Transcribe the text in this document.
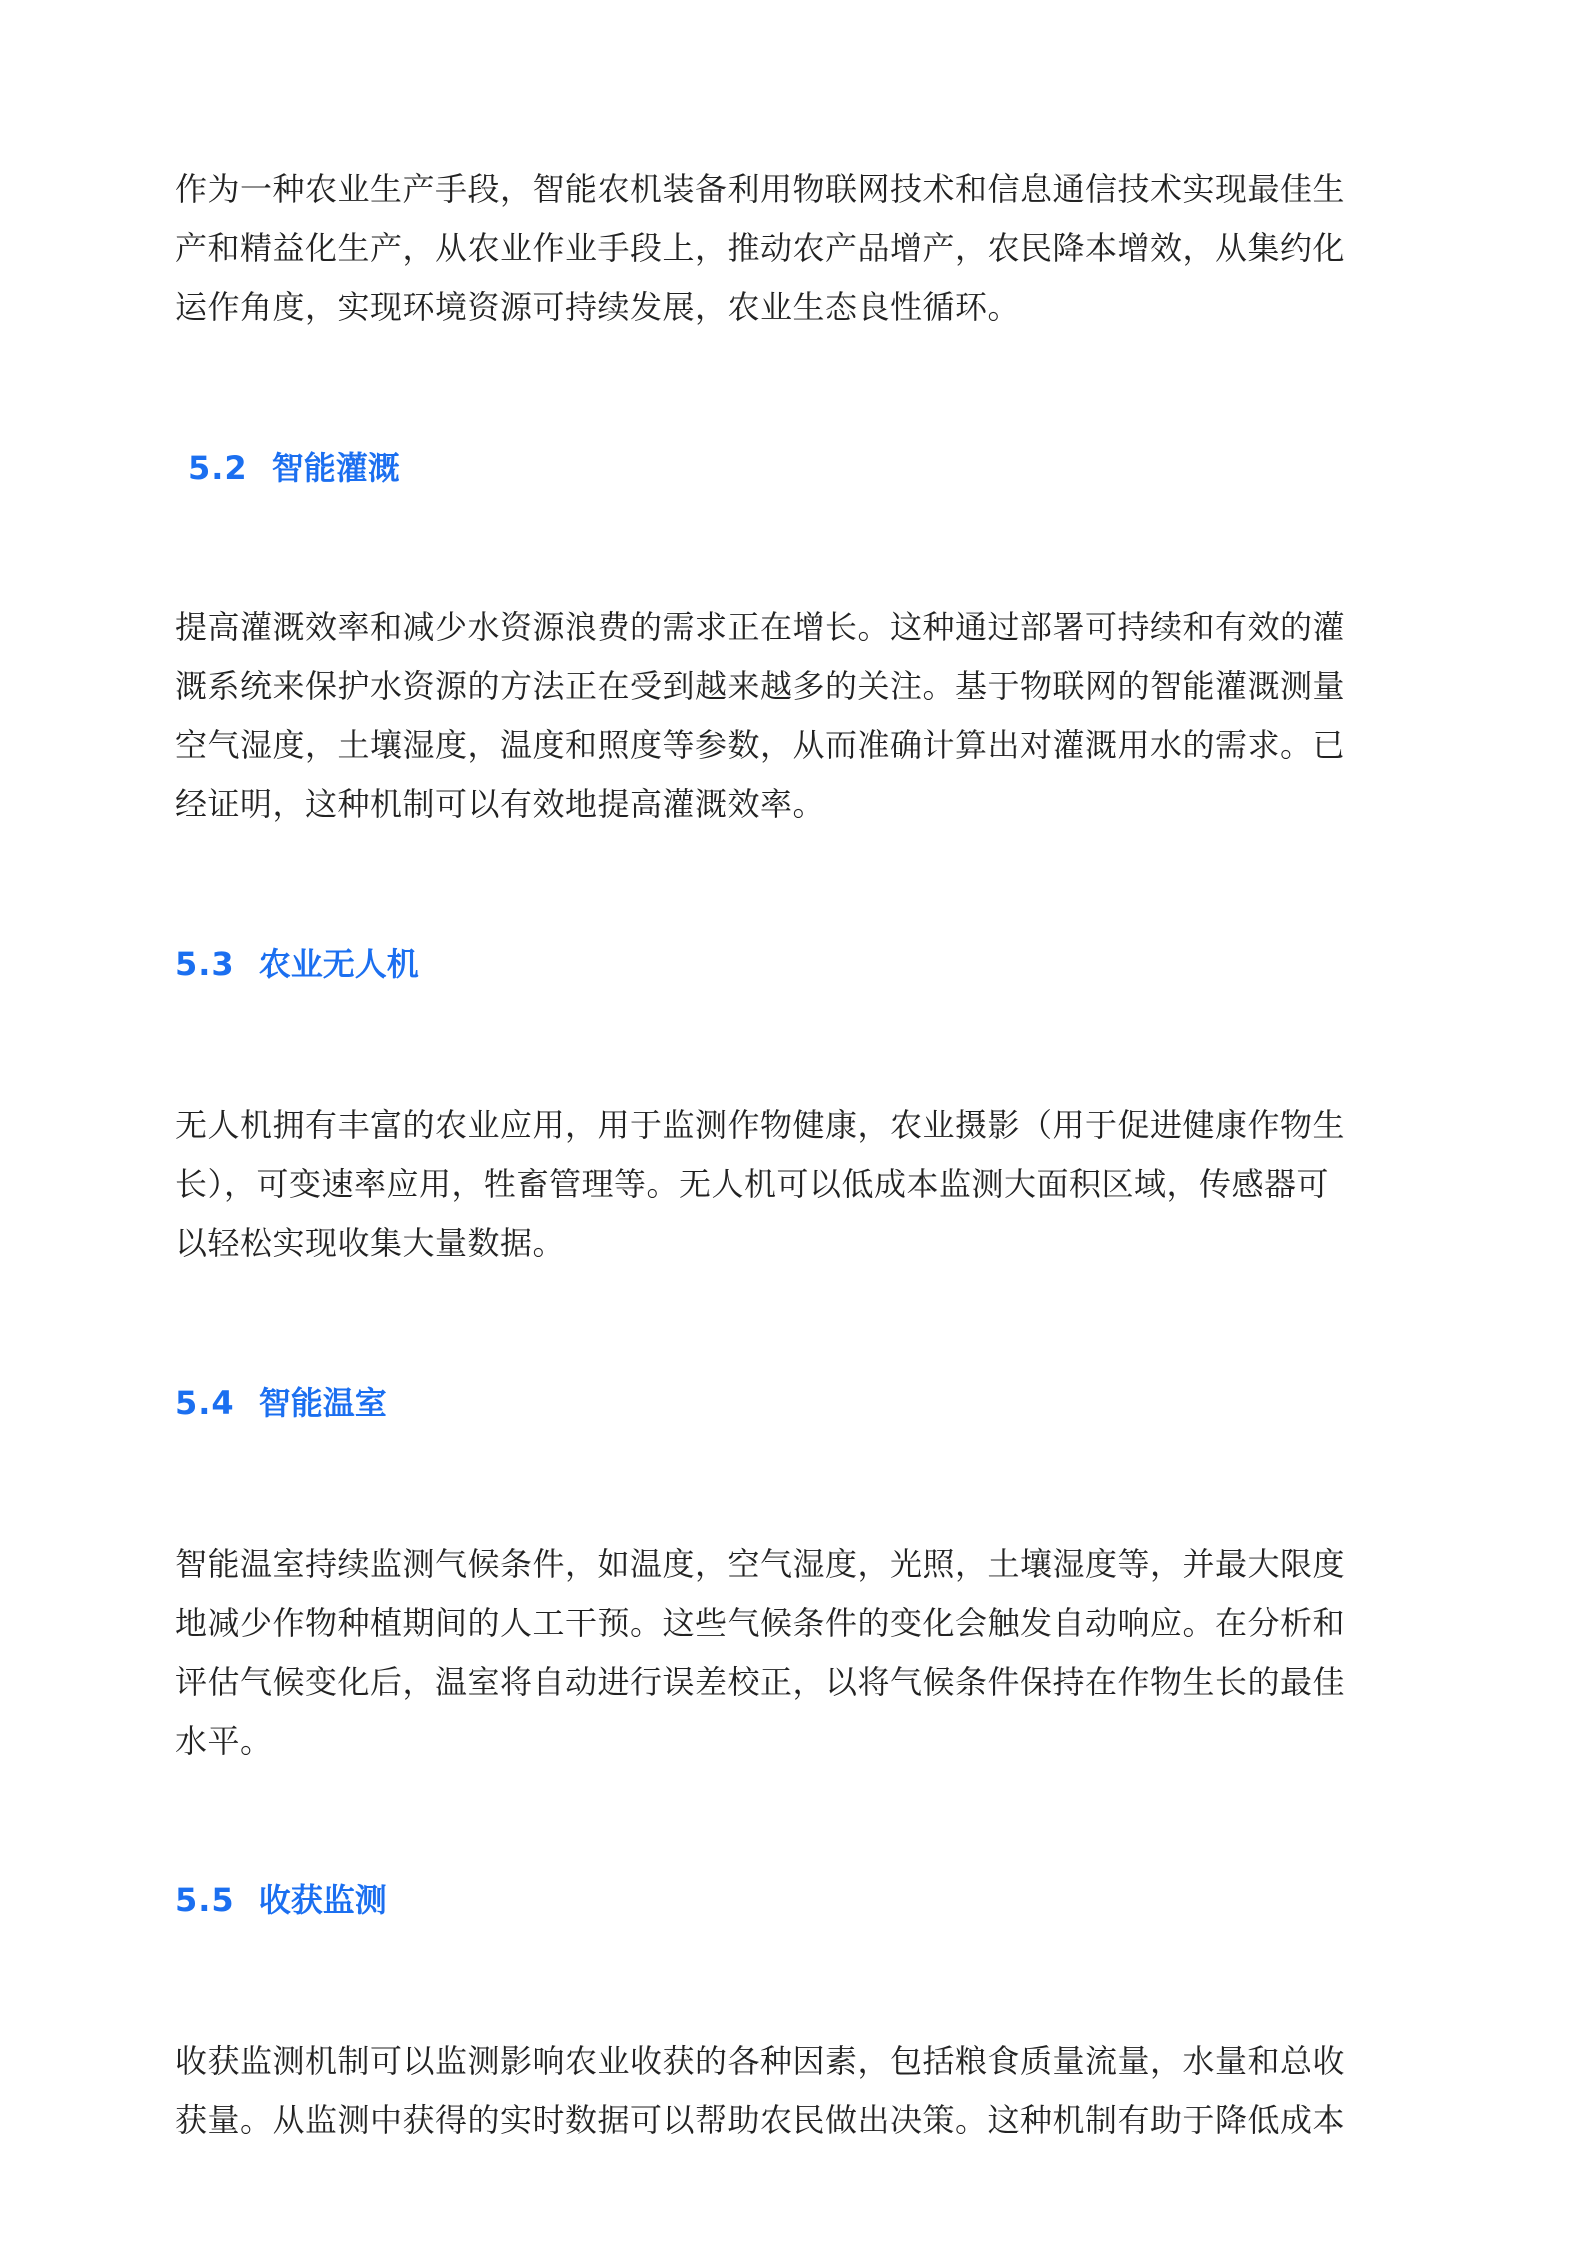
作为一种农业生产手段，智能农机装备利用物联网技术和信息通信技术实现最佳生
产和精益化生产，从农业作业手段上，推动农产品增产，农民降本增效，从集约化
运作角度，实现环境资源可持续发展，农业生态良性循环。

5.2 智能灌溉

提高灌溉效率和减少水资源浪费的需求正在增长。这种通过部署可持续和有效的灌
溉系统来保护水资源的方法正在受到越来越多的关注。基于物联网的智能灌溉测量
空气湿度，土壤湿度，温度和照度等参数，从而准确计算出对灌溉用水的需求。已
经证明，这种机制可以有效地提高灌溉效率。

5.3 农业无人机

无人机拥有丰富的农业应用，用于监测作物健康，农业摄影（用于促进健康作物生
长），可变速率应用，牲畜管理等。无人机可以低成本监测大面积区域，传感器可
以轻松实现收集大量数据。

5.4 智能温室

智能温室持续监测气候条件，如温度，空气湿度，光照，土壤湿度等，并最大限度
地减少作物种植期间的人工干预。这些气候条件的变化会触发自动响应。在分析和
评估气候变化后，温室将自动进行误差校正，以将气候条件保持在作物生长的最佳
水平。

5.5 收获监测

收获监测机制可以监测影响农业收获的各种因素，包括粮食质量流量，水量和总收
获量。从监测中获得的实时数据可以帮助农民做出决策。这种机制有助于降低成本
